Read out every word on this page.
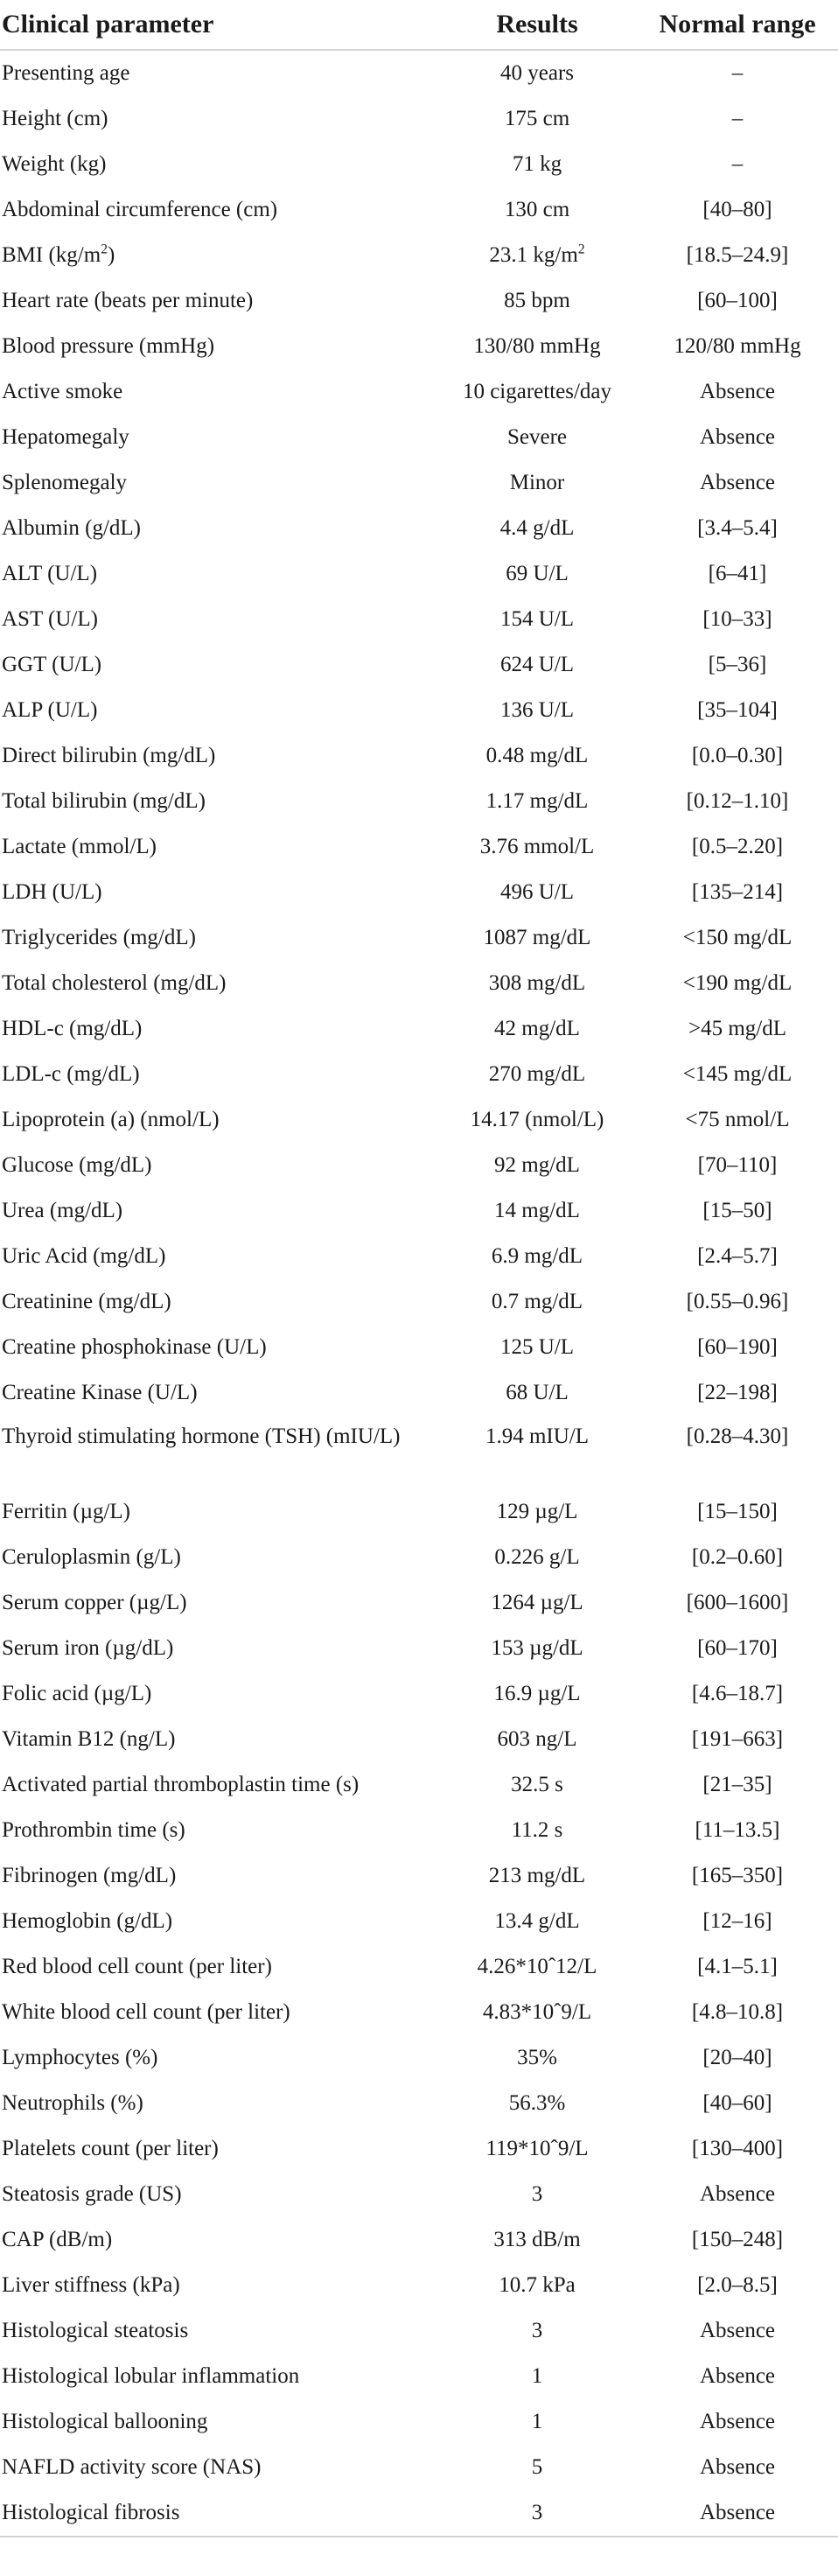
Clinical parameter	Results	Normal range
Presenting age	40 years	–
Height (cm)	175 cm	–
Weight (kg)	71 kg	–
Abdominal circumference (cm)	130 cm	[40–80]
BMI $(kg/m^2)$	23.1 $kg/m^2$	[18.5–24.9]
Heart rate (beats per minute)	85 bpm	[60–100]
Blood pressure (mmHg)	130/80 mmHg	120/80 mmHg
Active smoke	10 cigarettes/day	Absence
Hepatomegaly	Severe	Absence
Splenomegaly	Minor	Absence
Albumin (g/dL)	4.4 g/dL	[3.4–5.4]
ALT (U/L)	69 U/L	[6–41]
AST (U/L)	154 U/L	[10–33]
GGT (U/L)	624 U/L	[5–36]
ALP (U/L)	136 U/L	[35–104]
Direct bilirubin (mg/dL)	0.48 mg/dL	[0.0–0.30]
Total bilirubin (mg/dL)	1.17 mg/dL	[0.12–1.10]
Lactate (mmol/L)	3.76 mmol/L	[0.5–2.20]
LDH (U/L)	496 U/L	[135–214]
Triglycerides (mg/dL)	1087 mg/dL	<150 mg/dL
Total cholesterol (mg/dL)	308 mg/dL	<190 mg/dL
HDL-c (mg/dL)	42 mg/dL	>45 mg/dL
LDL-c (mg/dL)	270 mg/dL	<145 mg/dL
Lipoprotein (a) (nmol/L)	14.17 (nmol/L)	<75 nmol/L
Glucose (mg/dL)	92 mg/dL	[70–110]
Urea (mg/dL)	14 mg/dL	[15–50]
Uric Acid (mg/dL)	6.9 mg/dL	[2.4–5.7]
Creatinine (mg/dL)	0.7 mg/dL	[0.55–0.96]
Creatine phosphokinase (U/L)	125 U/L	[60–190]
Creatine Kinase (U/L)	68 U/L	[22–198]
Thyroid stimulating hormone (TSH) (mIU/L)	1.94 mIU/L	[0.28–4.30]
Ferritin (µg/L)	129 µg/L	[15–150]
Ceruloplasmin (g/L)	0.226 g/L	[0.2–0.60]
Serum copper (µg/L)	1264 µg/L	[600–1600]
Serum iron (µg/dL)	153 µg/dL	[60–170]
Folic acid (µg/L)	16.9 µg/L	[4.6–18.7]
Vitamin B12 (ng/L)	603 ng/L	[191–663]
Activated partial thromboplastin time (s)	32.5 s	[21–35]
Prothrombin time (s)	11.2 s	[11–13.5]
Fibrinogen (mg/dL)	213 mg/dL	[165–350]
Hemoglobin (g/dL)	13.4 g/dL	[12–16]
Red blood cell count (per liter)	4.26*10ˆ12/L	[4.1–5.1]
White blood cell count (per liter)	4.83*10ˆ9/L	[4.8–10.8]
Lymphocytes (%)	35%	[20–40]
Neutrophils (%)	56.3%	[40–60]
Platelets count (per liter)	119*10ˆ9/L	[130–400]
Steatosis grade (US)	3	Absence
CAP (dB/m)	313 dB/m	[150–248]
Liver stiffness (kPa)	10.7 kPa	[2.0–8.5]
Histological steatosis	3	Absence
Histological lobular inflammation	1	Absence
Histological ballooning	1	Absence
NAFLD activity score (NAS)	5	Absence
Histological fibrosis	3	Absence
